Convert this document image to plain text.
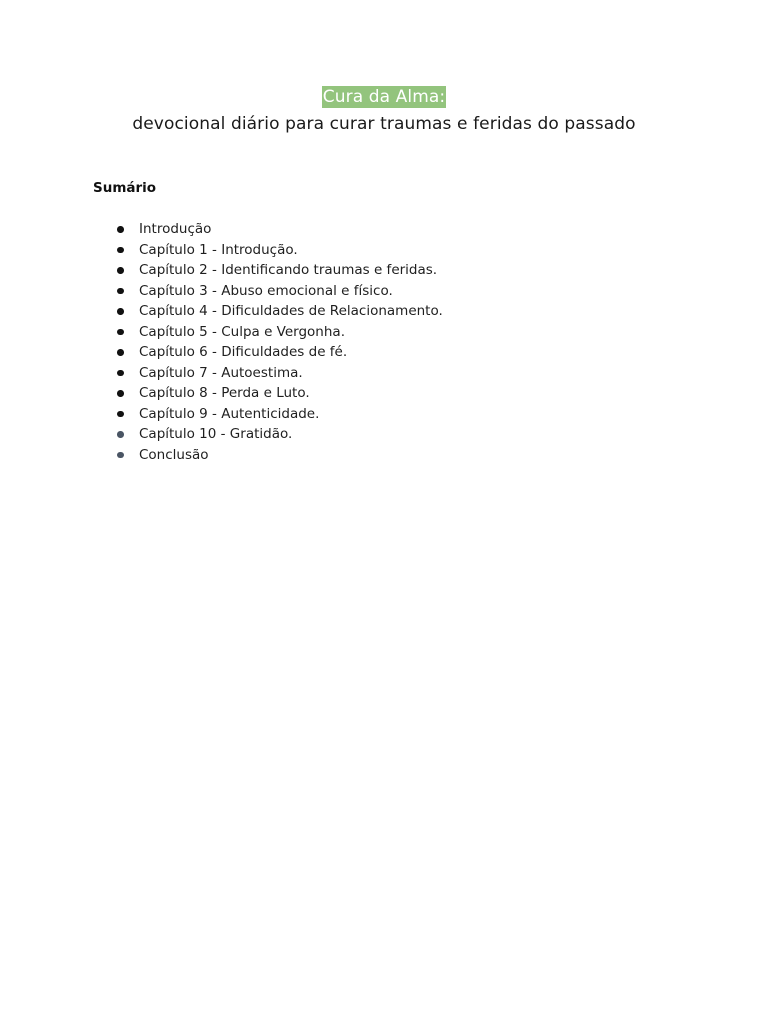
Cura da Alma:
devocional diário para curar traumas e feridas do passado
Sumário
Introdução
Capítulo 1 - Introdução.
Capítulo 2 - Identificando traumas e feridas.
Capítulo 3 - Abuso emocional e físico.
Capítulo 4 - Dificuldades de Relacionamento.
Capítulo 5 - Culpa e Vergonha.
Capítulo 6 - Dificuldades de fé.
Capítulo 7 - Autoestima.
Capítulo 8 - Perda e Luto.
Capítulo 9 - Autenticidade.
Capítulo 10 - Gratidão.
Conclusão
